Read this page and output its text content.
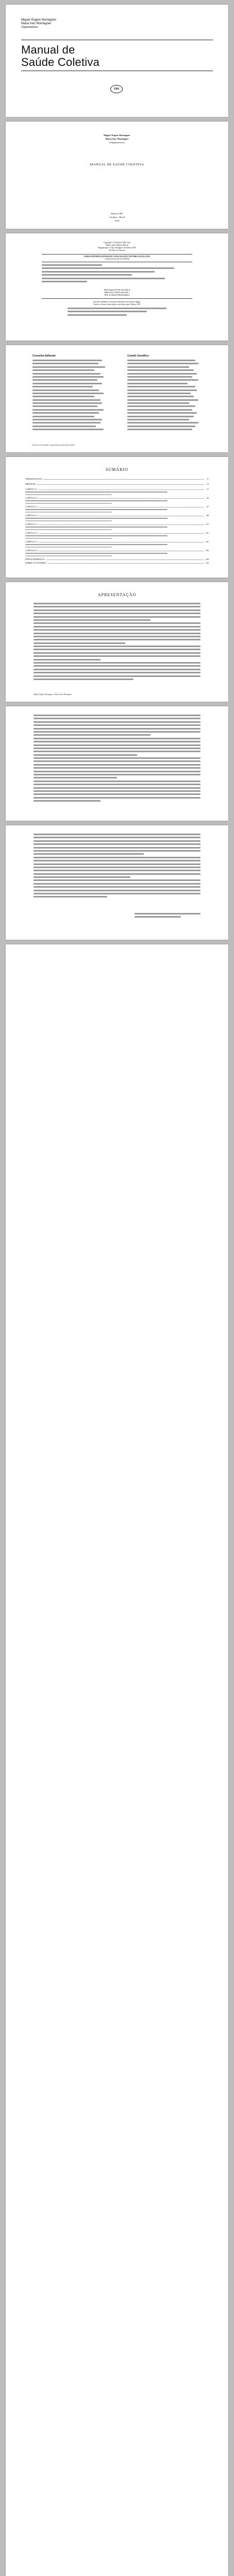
Miguel Ângelo Montagner
Maria Inez Montagner
Organizadores
Manual de
Saúde Coletiva
CRV
Miguel Ângelo Montagner
Maria Inez Montagner
(Organizadores)
MANUAL DE SAÚDE COLETIVA
Editora CRV
Curitiba – Brasil
2018
Copyright © da Editora CRV Ltda.
Editor-chefe: Railson Moura
Diagramação e Capa: Designers da Editora CRV
Revisão: Os Autores
DADOS INTERNACIONAIS DE CATALOGAÇÃO NA PUBLICAÇÃO (CIP)
CATALOGAÇÃO NA FONTE
ISBN Digital 978-85-444-2440-4
ISBN Físico 978-85-444-2441-1
DOI 10.24824/978854442440.4
Esta obra também se encontra disponível em formato digital.
Todos os direitos desta edição reservados pela: Editora CRV
Conselho Editorial:	Comitê Científico:
Este livro foi avaliado e aprovado por pareceristas ad hoc.
SUMÁRIO
APRESENTAÇÃO	11
PREFÁCIO	13
CAPÍTULO 1	17
CAPÍTULO 2	43
CAPÍTULO 3	67
CAPÍTULO 4	89
CAPÍTULO 5	115
CAPÍTULO 6	141
CAPÍTULO 7	167
CAPÍTULO 8	195
ÍNDICE REMISSIVO	229
SOBRE OS AUTORES	233
APRESENTAÇÃO
Miguel Ângelo Montagner e Maria Inez Montagner
